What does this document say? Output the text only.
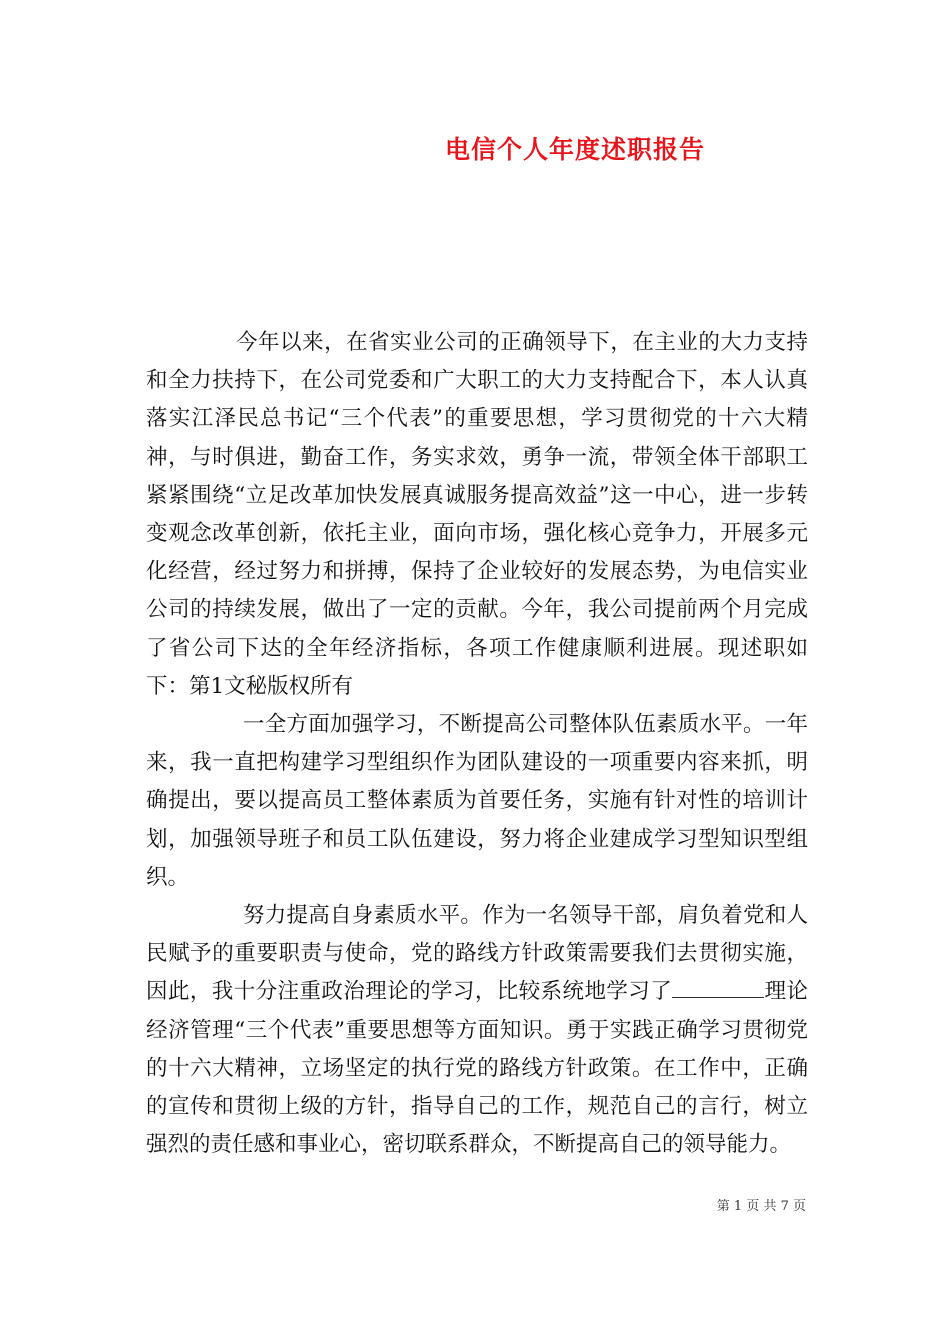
电信个人年度述职报告

今年以来，在省实业公司的正确领导下，在主业的大力支持和全力扶持下，在公司党委和广大职工的大力支持配合下，本人认真落实江泽民总书记“三个代表”的重要思想，学习贯彻党的十六大精神，与时俱进，勤奋工作，务实求效，勇争一流，带领全体干部职工紧紧围绕“立足改革加快发展真诚服务提高效益”这一中心，进一步转变观念改革创新，依托主业，面向市场，强化核心竞争力，开展多元化经营，经过努力和拼搏，保持了企业较好的发展态势，为电信实业公司的持续发展，做出了一定的贡献。今年，我公司提前两个月完成了省公司下达的全年经济指标，各项工作健康顺利进展。现述职如下：第1文秘版权所有

一全方面加强学习，不断提高公司整体队伍素质水平。一年来，我一直把构建学习型组织作为团队建设的一项重要内容来抓，明确提出，要以提高员工整体素质为首要任务，实施有针对性的培训计划，加强领导班子和员工队伍建设，努力将企业建成学习型知识型组织。

努力提高自身素质水平。作为一名领导干部，肩负着党和人民赋予的重要职责与使命，党的路线方针政策需要我们去贯彻实施，因此，我十分注重政治理论的学习，比较系统地学习了	理论经济管理“三个代表”重要思想等方面知识。勇于实践正确学习贯彻党的十六大精神，立场坚定的执行党的路线方针政策。在工作中，正确的宣传和贯彻上级的方针，指导自己的工作，规范自己的言行，树立强烈的责任感和事业心，密切联系群众，不断提高自己的领导能力。

第 1 页 共 7 页
